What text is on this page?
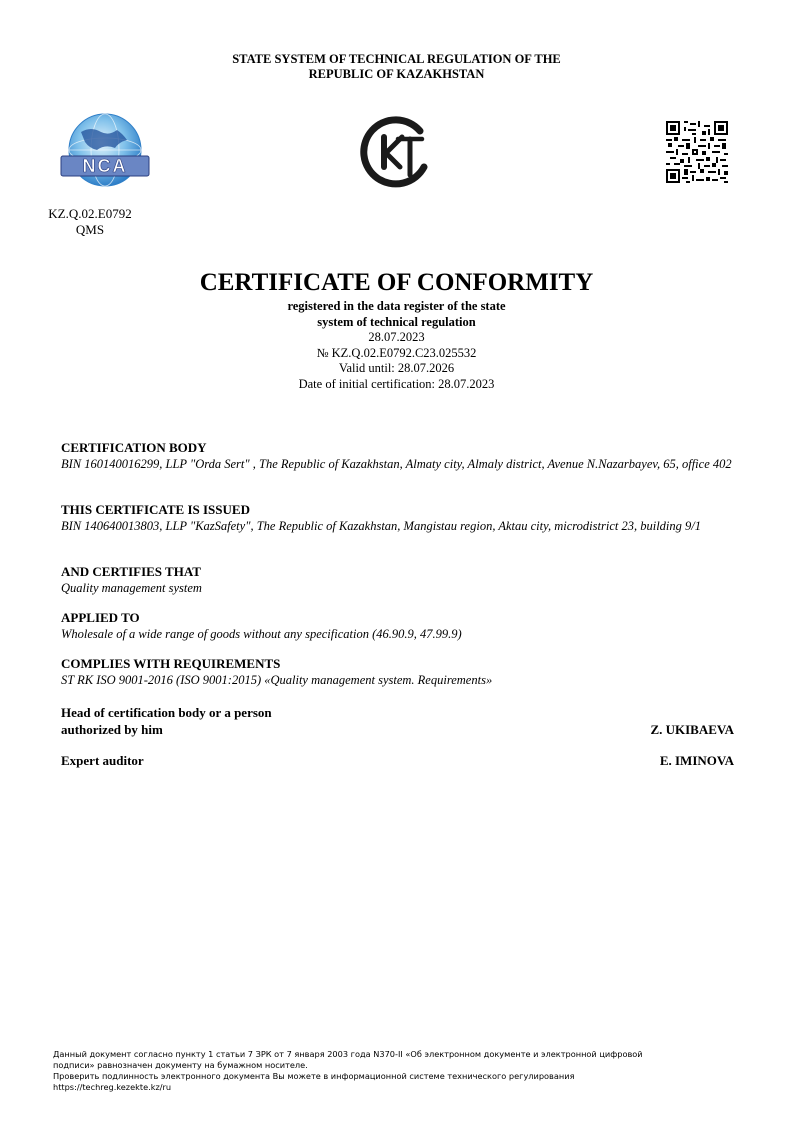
STATE SYSTEM OF TECHNICAL REGULATION OF THE
REPUBLIC OF KAZAKHSTAN
NCA
KZ.Q.02.E0792
QMS
CERTIFICATE OF CONFORMITY
registered in the data register of the state
system of technical regulation
28.07.2023
№ KZ.Q.02.E0792.C23.025532
Valid until: 28.07.2026
Date of initial certification: 28.07.2023
CERTIFICATION BODY
BIN 160140016299, LLP "Orda Sert" , The Republic of Kazakhstan, Almaty city, Almaly district, Avenue N.Nazarbayev, 65, office 402
THIS CERTIFICATE IS ISSUED
BIN 140640013803, LLP "KazSafety", The Republic of Kazakhstan, Mangistau region, Aktau city, microdistrict 23, building 9/1
AND CERTIFIES THAT
Quality management system
APPLIED TO
Wholesale of a wide range of goods without any specification (46.90.9, 47.99.9)
COMPLIES WITH REQUIREMENTS
ST RK ISO 9001-2016 (ISO 9001:2015) «Quality management system. Requirements»
Head of certification body or a person
authorized by him	Z. UKIBAEVA
Expert auditor	E. IMINOVA
Данный документ согласно пункту 1 статьи 7 ЗРК от 7 января 2003 года N370-II «Об электронном документе и электронной цифровой
подписи» равнозначен документу на бумажном носителе.
Проверить подлинность электронного документа Вы можете в информационной системе технического регулирования
https://techreg.kezekte.kz/ru
